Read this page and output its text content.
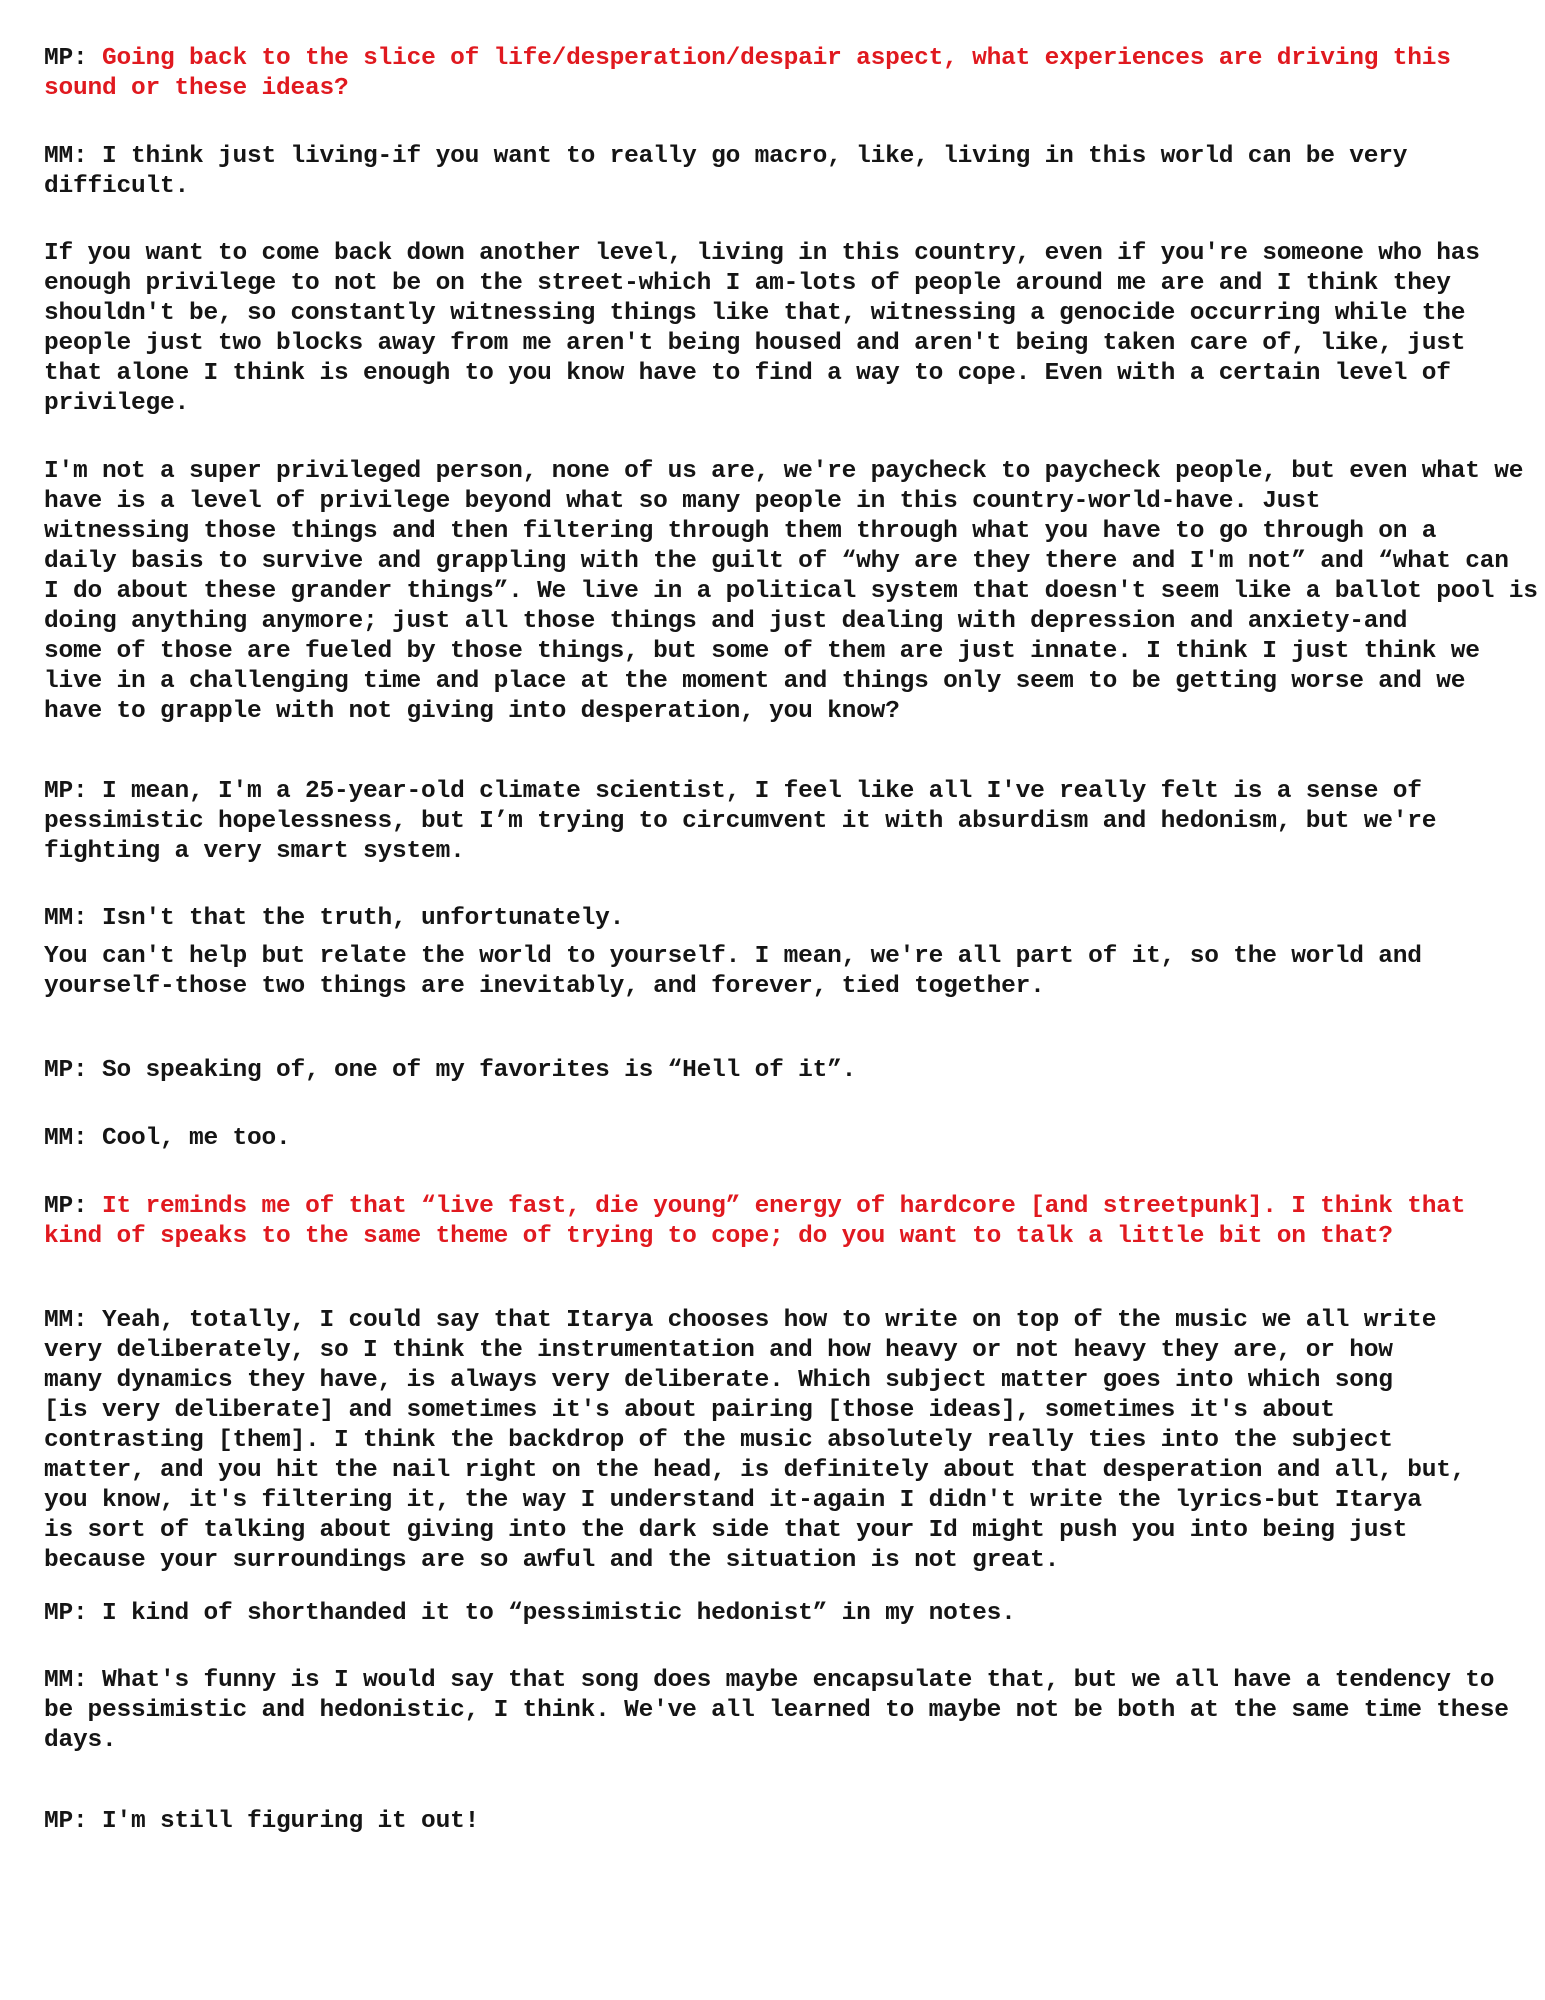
MP: Going back to the slice of life/desperation/despair aspect, what experiences are driving this
sound or these ideas?
MM: I think just living-if you want to really go macro, like, living in this world can be very
difficult.
If you want to come back down another level, living in this country, even if you're someone who has
enough privilege to not be on the street-which I am-lots of people around me are and I think they
shouldn't be, so constantly witnessing things like that, witnessing a genocide occurring while the
people just two blocks away from me aren't being housed and aren't being taken care of, like, just
that alone I think is enough to you know have to find a way to cope. Even with a certain level of
privilege.
I'm not a super privileged person, none of us are, we're paycheck to paycheck people, but even what we
have is a level of privilege beyond what so many people in this country-world-have. Just
witnessing those things and then filtering through them through what you have to go through on a
daily basis to survive and grappling with the guilt of “why are they there and I'm not” and “what can
I do about these grander things”. We live in a political system that doesn't seem like a ballot pool is
doing anything anymore; just all those things and just dealing with depression and anxiety-and
some of those are fueled by those things, but some of them are just innate. I think I just think we
live in a challenging time and place at the moment and things only seem to be getting worse and we
have to grapple with not giving into desperation, you know?
MP: I mean, I'm a 25-year-old climate scientist, I feel like all I've really felt is a sense of
pessimistic hopelessness, but I’m trying to circumvent it with absurdism and hedonism, but we're
fighting a very smart system.
MM: Isn't that the truth, unfortunately.
You can't help but relate the world to yourself. I mean, we're all part of it, so the world and
yourself-those two things are inevitably, and forever, tied together.
MP: So speaking of, one of my favorites is “Hell of it”.
MM: Cool, me too.
MP: It reminds me of that “live fast, die young” energy of hardcore [and streetpunk]. I think that
kind of speaks to the same theme of trying to cope; do you want to talk a little bit on that?
MM: Yeah, totally, I could say that Itarya chooses how to write on top of the music we all write
very deliberately, so I think the instrumentation and how heavy or not heavy they are, or how
many dynamics they have, is always very deliberate. Which subject matter goes into which song
[is very deliberate] and sometimes it's about pairing [those ideas], sometimes it's about
contrasting [them]. I think the backdrop of the music absolutely really ties into the subject
matter, and you hit the nail right on the head, is definitely about that desperation and all, but,
you know, it's filtering it, the way I understand it-again I didn't write the lyrics-but Itarya
is sort of talking about giving into the dark side that your Id might push you into being just
because your surroundings are so awful and the situation is not great.
MP: I kind of shorthanded it to “pessimistic hedonist” in my notes.
MM: What's funny is I would say that song does maybe encapsulate that, but we all have a tendency to
be pessimistic and hedonistic, I think. We've all learned to maybe not be both at the same time these
days.
MP: I'm still figuring it out!
